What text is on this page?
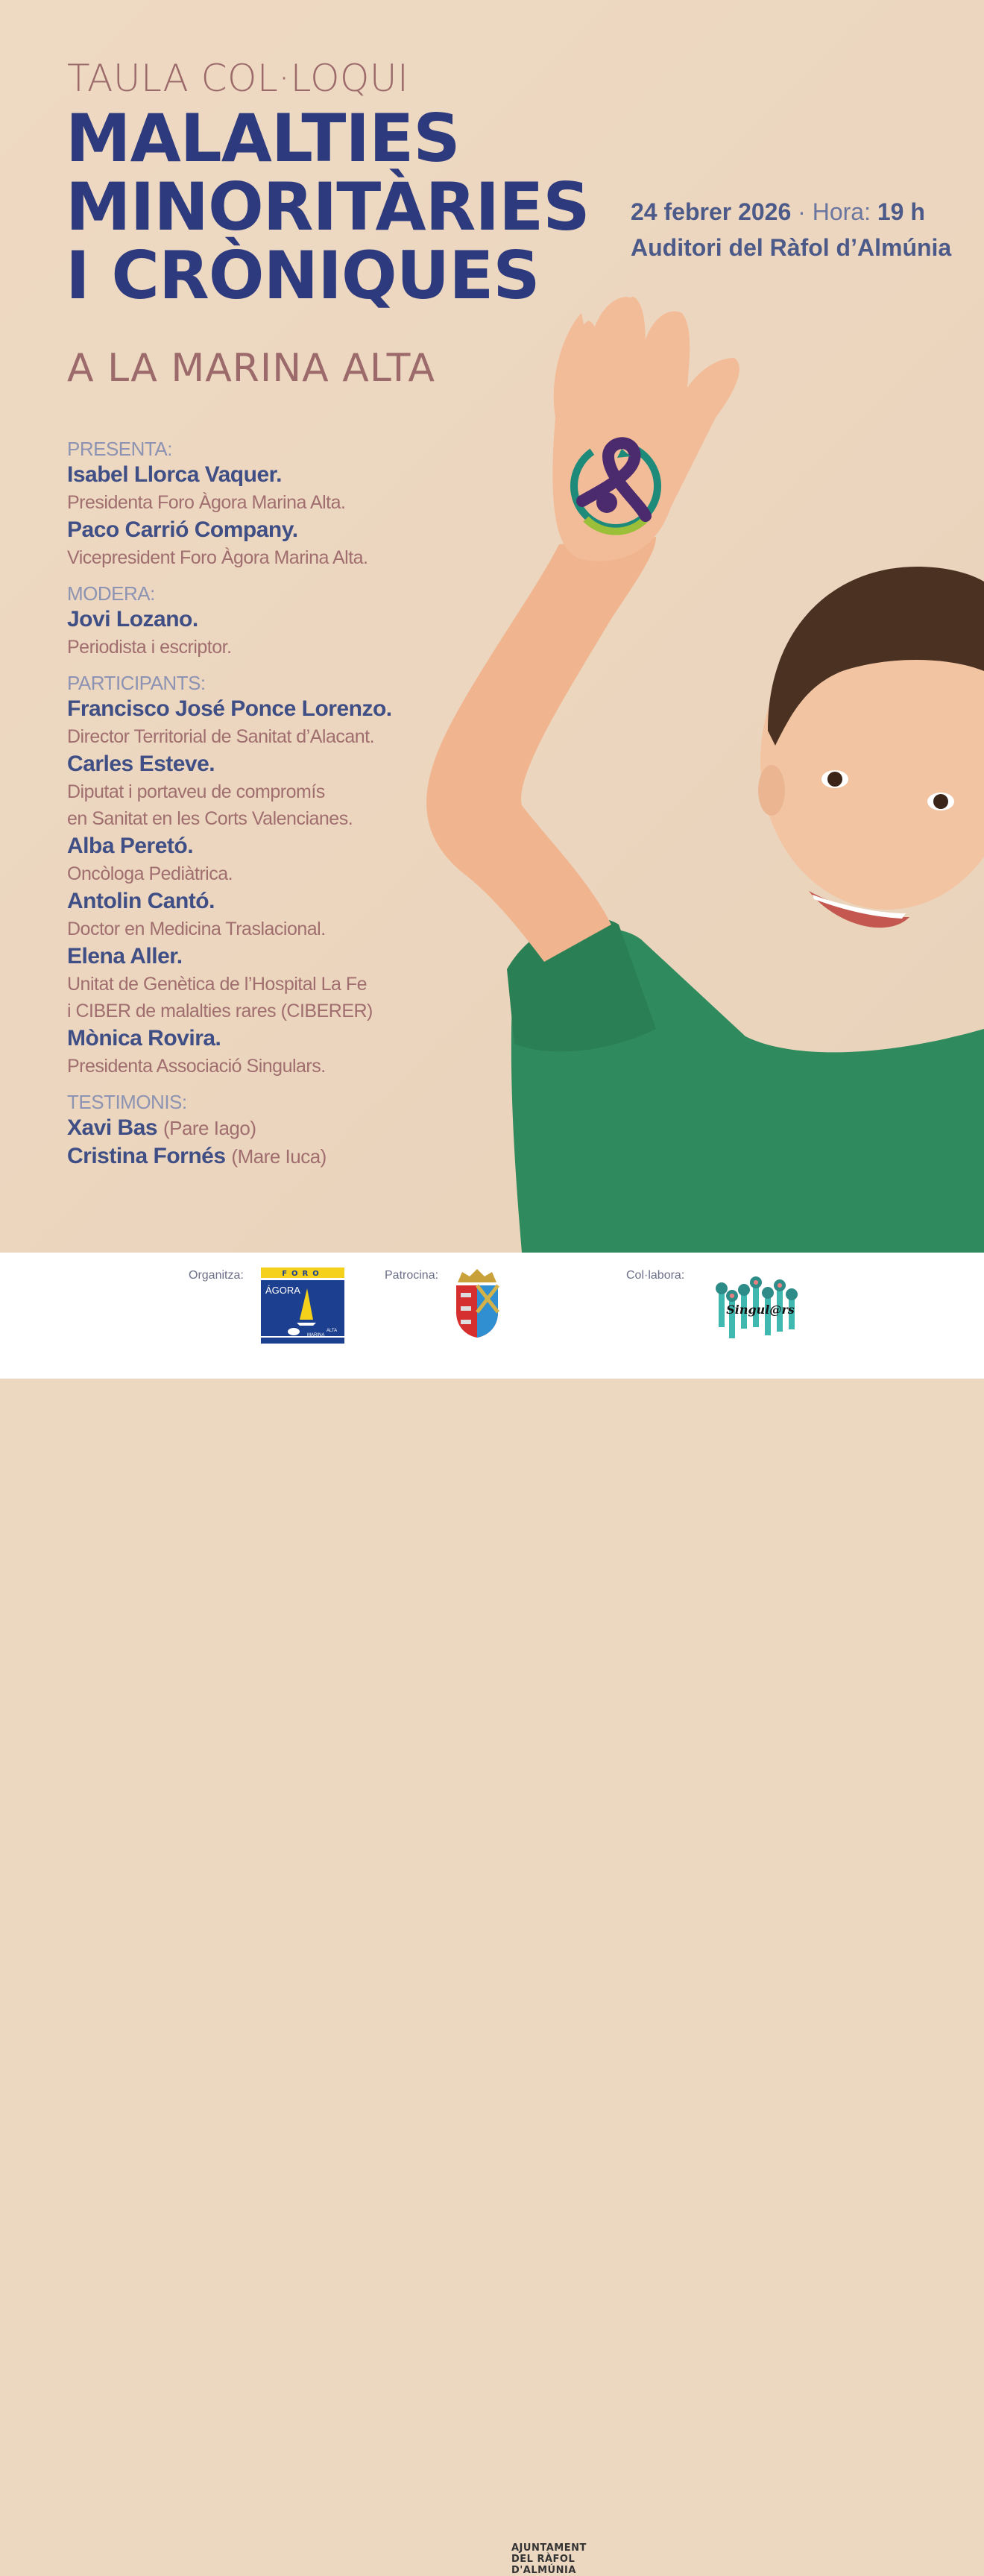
TAULA COL·LOQUI
MALALTIES
MINORITÀRIES
I CRÒNIQUES
A LA MARINA ALTA
24 febrer 2026 · Hora: 19 h
Auditori del Ràfol d’Almúnia
PRESENTA:
Isabel Llorca Vaquer.
Presidenta Foro Àgora Marina Alta.
Paco Carrió Company.
Vicepresident Foro Àgora Marina Alta.
MODERA:
Jovi Lozano.
Periodista i escriptor.
PARTICIPANTS:
Francisco José Ponce Lorenzo.
Director Territorial de Sanitat d’Alacant.
Carles Esteve.
Diputat i portaveu de compromís
en Sanitat en les Corts Valencianes.
Alba Peretó.
Oncòloga Pediàtrica.
Antolin Cantó.
Doctor en Medicina Traslacional.
Elena Aller.
Unitat de Genètica de l’Hospital La Fe
i CIBER de malalties rares (CIBERER)
Mònica Rovira.
Presidenta Associació Singulars.
TESTIMONIS:
Xavi Bas (Pare Iago)
Cristina Fornés (Mare Iuca)
Organitza:	Patrocina:	Col·labora:
FORO
ÁGORA
MARINA
ALTA
AJUNTAMENT
DEL RÀFOL
D'ALMÚNIA
Singul@rs
